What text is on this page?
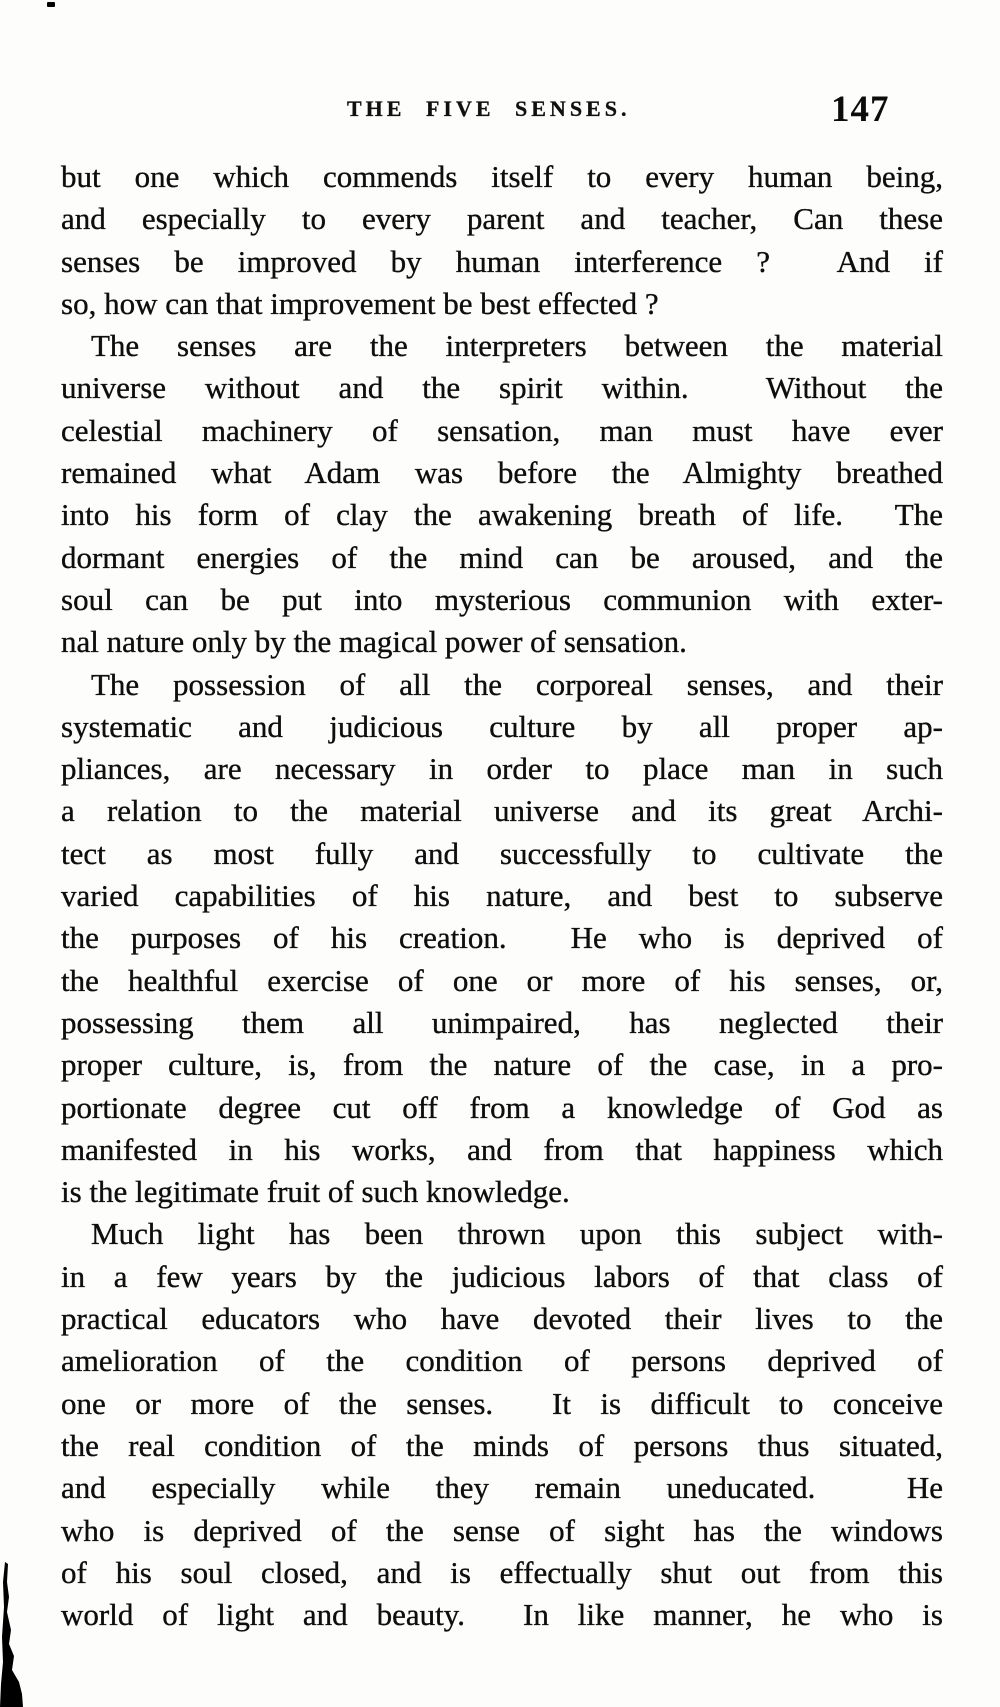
THE FIVE SENSES.	147

but one which commends itself to every human being,
and especially to every parent and teacher, Can these
senses be improved by human interference ?  And if
so, how can that improvement be best effected ?

The senses are the interpreters between the material
universe without and the spirit within.  Without the
celestial machinery of sensation, man must have ever
remained what Adam was before the Almighty breathed
into his form of clay the awakening breath of life.  The
dormant energies of the mind can be aroused, and the
soul can be put into mysterious communion with exter-
nal nature only by the magical power of sensation.

The possession of all the corporeal senses, and their
systematic and judicious culture by all proper ap-
pliances, are necessary in order to place man in such
a relation to the material universe and its great Archi-
tect as most fully and successfully to cultivate the
varied capabilities of his nature, and best to subserve
the purposes of his creation.  He who is deprived of
the healthful exercise of one or more of his senses, or,
possessing them all unimpaired, has neglected their
proper culture, is, from the nature of the case, in a pro-
portionate degree cut off from a knowledge of God as
manifested in his works, and from that happiness which
is the legitimate fruit of such knowledge.

Much light has been thrown upon this subject with-
in a few years by the judicious labors of that class of
practical educators who have devoted their lives to the
amelioration of the condition of persons deprived of
one or more of the senses.  It is difficult to conceive
the real condition of the minds of persons thus situated,
and especially while they remain uneducated.  He
who is deprived of the sense of sight has the windows
of his soul closed, and is effectually shut out from this
world of light and beauty.  In like manner, he who is
